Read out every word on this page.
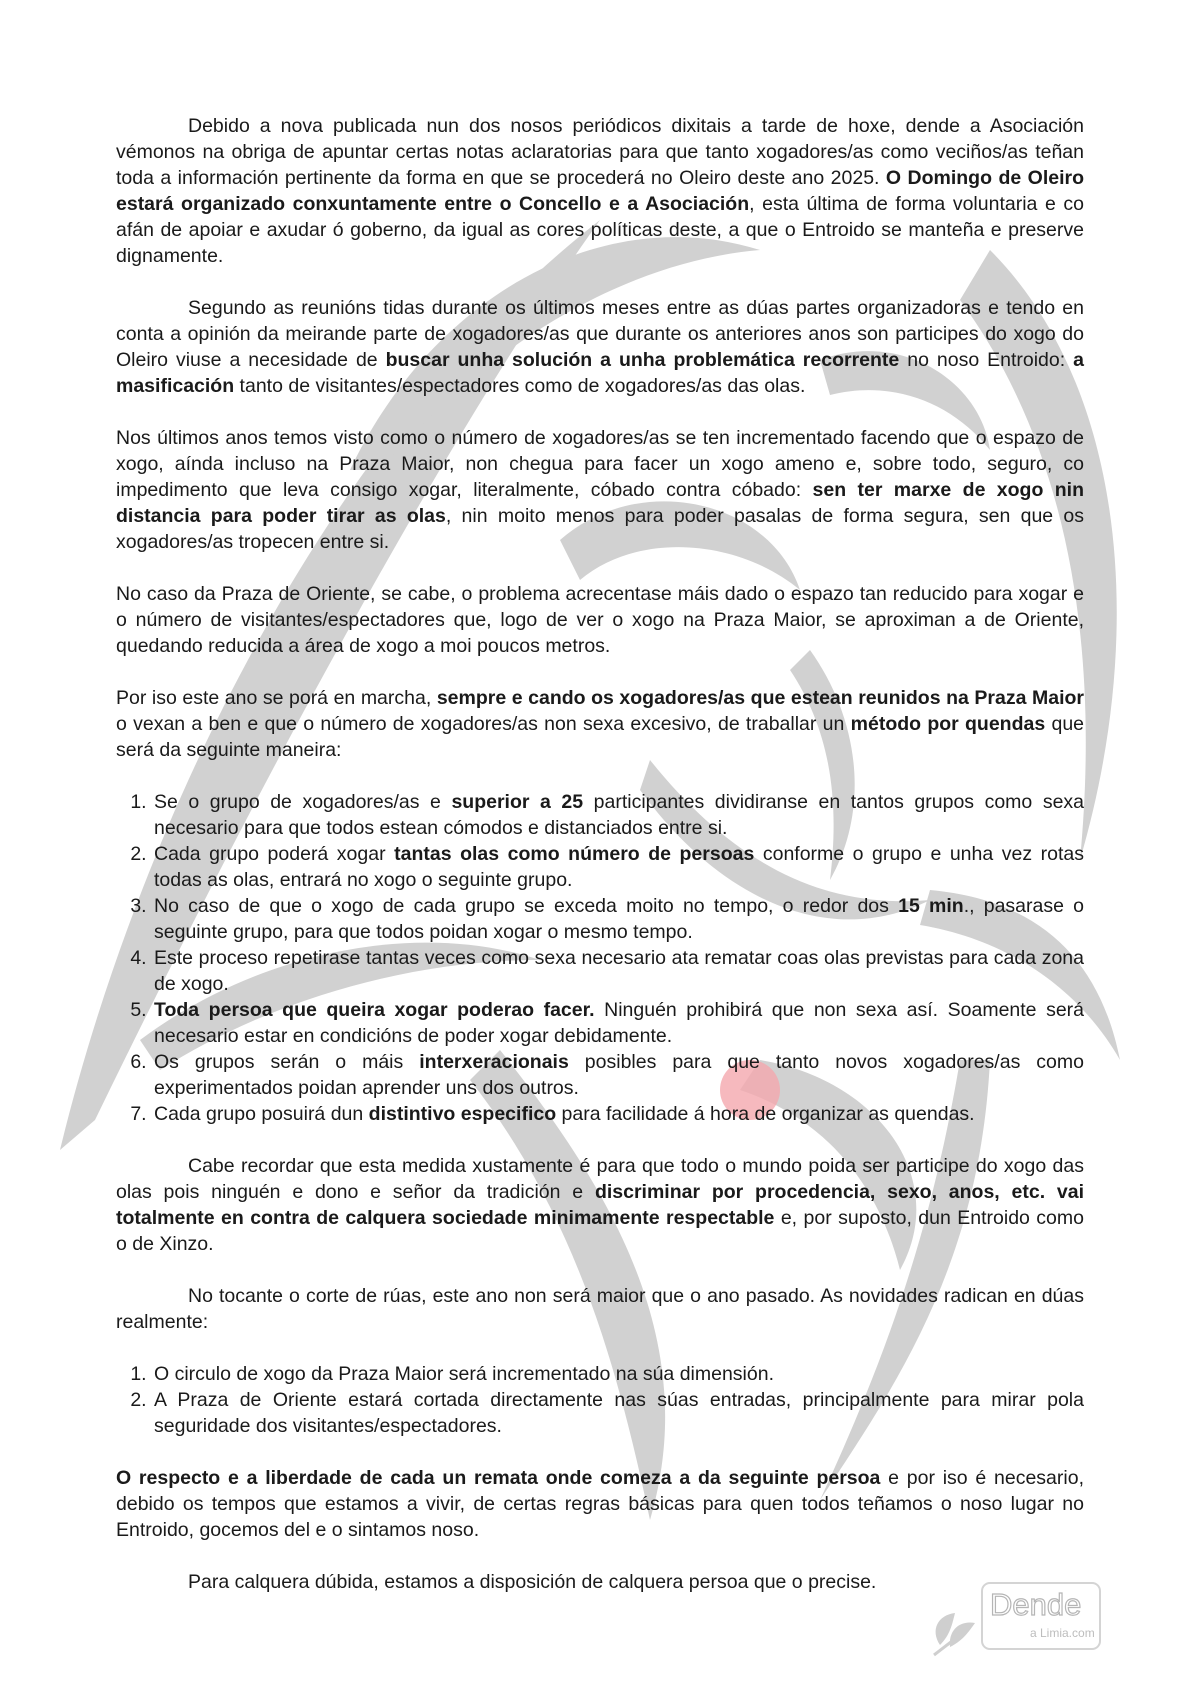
Debido a nova publicada nun dos nosos periódicos dixitais a tarde de hoxe, dende a Asociación vémonos na obriga de apuntar certas notas aclaratorias para que tanto xogadores/as como veciños/as teñan toda a información pertinente da forma en que se procederá no Oleiro deste ano 2025. O Domingo de Oleiro estará organizado conxuntamente entre o Concello e a Asociación, esta última de forma voluntaria e co afán de apoiar e axudar ó goberno, da igual as cores políticas deste, a que o Entroido se manteña e preserve dignamente.

Segundo as reunións tidas durante os últimos meses entre as dúas partes organizadoras e tendo en conta a opinión da meirande parte de xogadores/as que durante os anteriores anos son participes do xogo do Oleiro viuse a necesidade de buscar unha solución a unha problemática recorrente no noso Entroido: a masificación tanto de visitantes/espectadores como de xogadores/as das olas.

Nos últimos anos temos visto como o número de xogadores/as se ten incrementado facendo que o espazo de xogo, aínda incluso na Praza Maior, non chegua para facer un xogo ameno e, sobre todo, seguro, co impedimento que leva consigo xogar, literalmente, cóbado contra cóbado: sen ter marxe de xogo nin distancia para poder tirar as olas, nin moito menos para poder pasalas de forma segura, sen que os xogadores/as tropecen entre si.

No caso da Praza de Oriente, se cabe, o problema acrecentase máis dado o espazo tan reducido para xogar e o número de visitantes/espectadores que, logo de ver o xogo na Praza Maior, se aproximan a de Oriente, quedando reducida a área de xogo a moi poucos metros.

Por iso este ano se porá en marcha, sempre e cando os xogadores/as que estean reunidos na Praza Maior o vexan a ben e que o número de xogadores/as non sexa excesivo, de traballar un método por quendas que será da seguinte maneira:

1. Se o grupo de xogadores/as e superior a 25 participantes dividiranse en tantos grupos como sexa necesario para que todos estean cómodos e distanciados entre si.
2. Cada grupo poderá xogar tantas olas como número de persoas conforme o grupo e unha vez rotas todas as olas, entrará no xogo o seguinte grupo.
3. No caso de que o xogo de cada grupo se exceda moito no tempo, o redor dos 15 min., pasarase o seguinte grupo, para que todos poidan xogar o mesmo tempo.
4. Este proceso repetirase tantas veces como sexa necesario ata rematar coas olas previstas para cada zona de xogo.
5. Toda persoa que queira xogar poderao facer. Ninguén prohibirá que non sexa así. Soamente será necesario estar en condicións de poder xogar debidamente.
6. Os grupos serán o máis interxeracionais posibles para que tanto novos xogadores/as como experimentados poidan aprender uns dos outros.
7. Cada grupo posuirá dun distintivo especifico para facilidade á hora de organizar as quendas.

Cabe recordar que esta medida xustamente é para que todo o mundo poida ser participe do xogo das olas pois ninguén e dono e señor da tradición e discriminar por procedencia, sexo, anos, etc. vai totalmente en contra de calquera sociedade minimamente respectable e, por suposto, dun Entroido como o de Xinzo.

No tocante o corte de rúas, este ano non será maior que o ano pasado. As novidades radican en dúas realmente:

1. O circulo de xogo da Praza Maior será incrementado na súa dimensión.
2. A Praza de Oriente estará cortada directamente nas súas entradas, principalmente para mirar pola seguridade dos visitantes/espectadores.

O respecto e a liberdade de cada un remata onde comeza a da seguinte persoa e por iso é necesario, debido os tempos que estamos a vivir, de certas regras básicas para quen todos teñamos o noso lugar no Entroido, gocemos del e o sintamos noso.

Para calquera dúbida, estamos a disposición de calquera persoa que o precise.

Dende
a Limia.com
